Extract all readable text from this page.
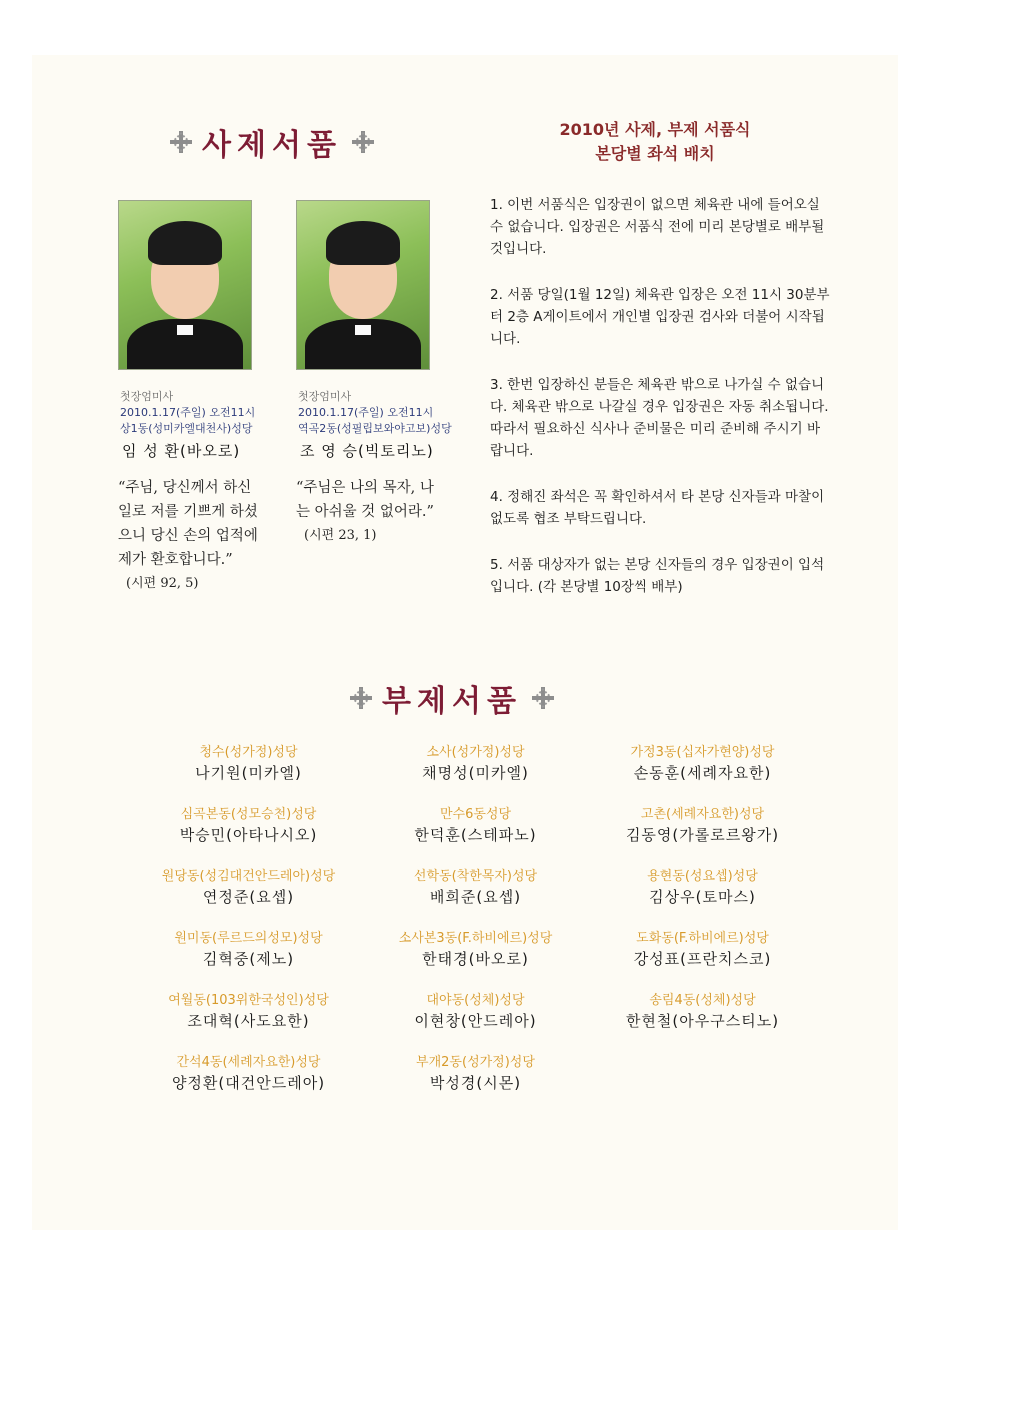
사제서품
첫장엄미사
2010.1.17(주일) 오전11시
상1동(성미카엘대천사)성당
임 성 환(바오로)
“주님, 당신께서 하신 일로 저를 기쁘게 하셨으니 당신 손의 업적에 제가 환호합니다.”
(시편 92, 5)
첫장엄미사
2010.1.17(주일) 오전11시
역곡2동(성필립보와야고보)성당
조 영 승(빅토리노)
“주님은 나의 목자, 나는 아쉬울 것 없어라.”
(시편 23, 1)
2010년 사제, 부제 서품식
본당별 좌석 배치
1. 이번 서품식은 입장권이 없으면 체육관 내에 들어오실 수 없습니다. 입장권은 서품식 전에 미리 본당별로 배부될 것입니다.
2. 서품 당일(1월 12일) 체육관 입장은 오전 11시 30분부터 2층 A게이트에서 개인별 입장권 검사와 더불어 시작됩니다.
3. 한번 입장하신 분들은 체육관 밖으로 나가실 수 없습니다. 체육관 밖으로 나갈실 경우 입장권은 자동 취소됩니다. 따라서 필요하신 식사나 준비물은 미리 준비해 주시기 바랍니다.
4. 정해진 좌석은 꼭 확인하셔서 타 본당 신자들과 마찰이 없도록 협조 부탁드립니다.
5. 서품 대상자가 없는 본당 신자들의 경우 입장권이 입석입니다. (각 본당별 10장씩 배부)
부제서품
청수(성가정)성당
나기원(미카엘)
소사(성가정)성당
채명성(미카엘)
가정3동(십자가현양)성당
손동훈(세례자요한)
심곡본동(성모승천)성당
박승민(아타나시오)
만수6동성당
한덕훈(스테파노)
고촌(세례자요한)성당
김동영(가롤로르왕가)
원당동(성김대건안드레아)성당
연정준(요셉)
선학동(착한목자)성당
배희준(요셉)
용현동(성요셉)성당
김상우(토마스)
원미동(루르드의성모)성당
김혁중(제노)
소사본3동(F.하비에르)성당
한태경(바오로)
도화동(F.하비에르)성당
강성표(프란치스코)
여월동(103위한국성인)성당
조대혁(사도요한)
대야동(성체)성당
이현창(안드레아)
송림4동(성체)성당
한현철(아우구스티노)
간석4동(세례자요한)성당
양정환(대건안드레아)
부개2동(성가정)성당
박성경(시몬)
